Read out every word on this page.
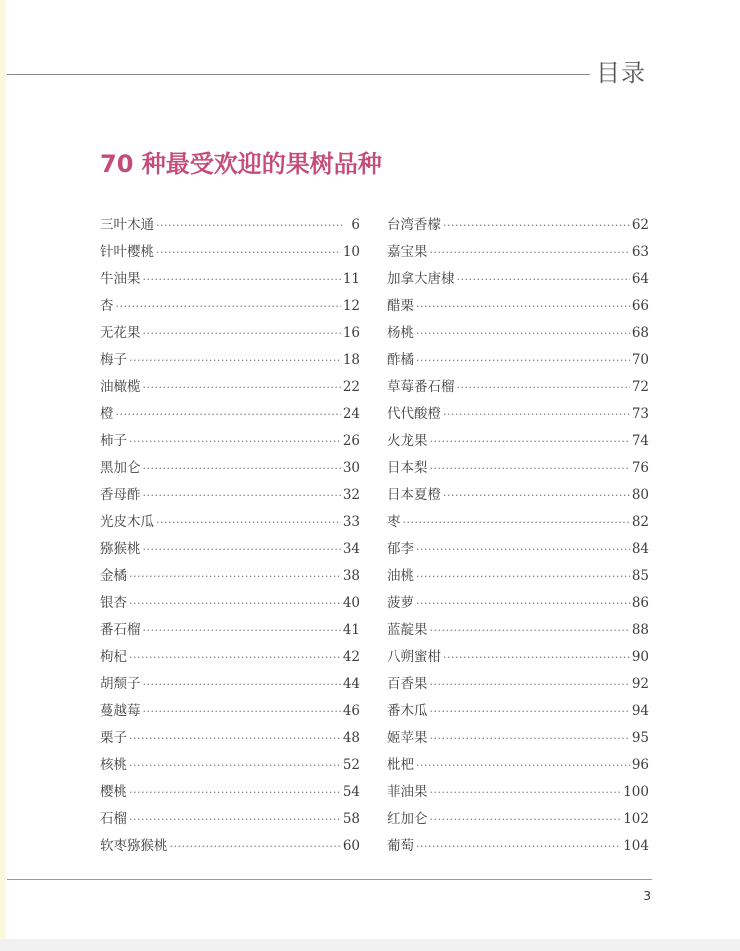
目录
70 种最受欢迎的果树品种
三叶木通 ·····	6
针叶樱桃 ·····	10
牛油果 ·····	11
杏 ·····	12
无花果 ·····	16
梅子 ·····	18
油橄榄 ·····	22
橙 ·····	24
柿子 ·····	26
黑加仑 ·····	30
香母酢 ·····	32
光皮木瓜 ·····	33
猕猴桃 ·····	34
金橘 ·····	38
银杏 ·····	40
番石榴 ·····	41
枸杞 ·····	42
胡颓子 ·····	44
蔓越莓 ·····	46
栗子 ·····	48
核桃 ·····	52
樱桃 ·····	54
石榴 ·····	58
软枣猕猴桃 ·····	60
台湾香檬 ·····	62
嘉宝果 ·····	63
加拿大唐棣 ·····	64
醋栗 ·····	66
杨桃 ·····	68
酢橘 ·····	70
草莓番石榴 ·····	72
代代酸橙 ·····	73
火龙果 ·····	74
日本梨 ·····	76
日本夏橙 ·····	80
枣 ·····	82
郁李 ·····	84
油桃 ·····	85
菠萝 ·····	86
蓝靛果 ·····	88
八朔蜜柑 ·····	90
百香果 ·····	92
番木瓜 ·····	94
姬苹果 ·····	95
枇杷 ·····	96
菲油果 ·····	100
红加仑 ·····	102
葡萄 ·····	104
3
